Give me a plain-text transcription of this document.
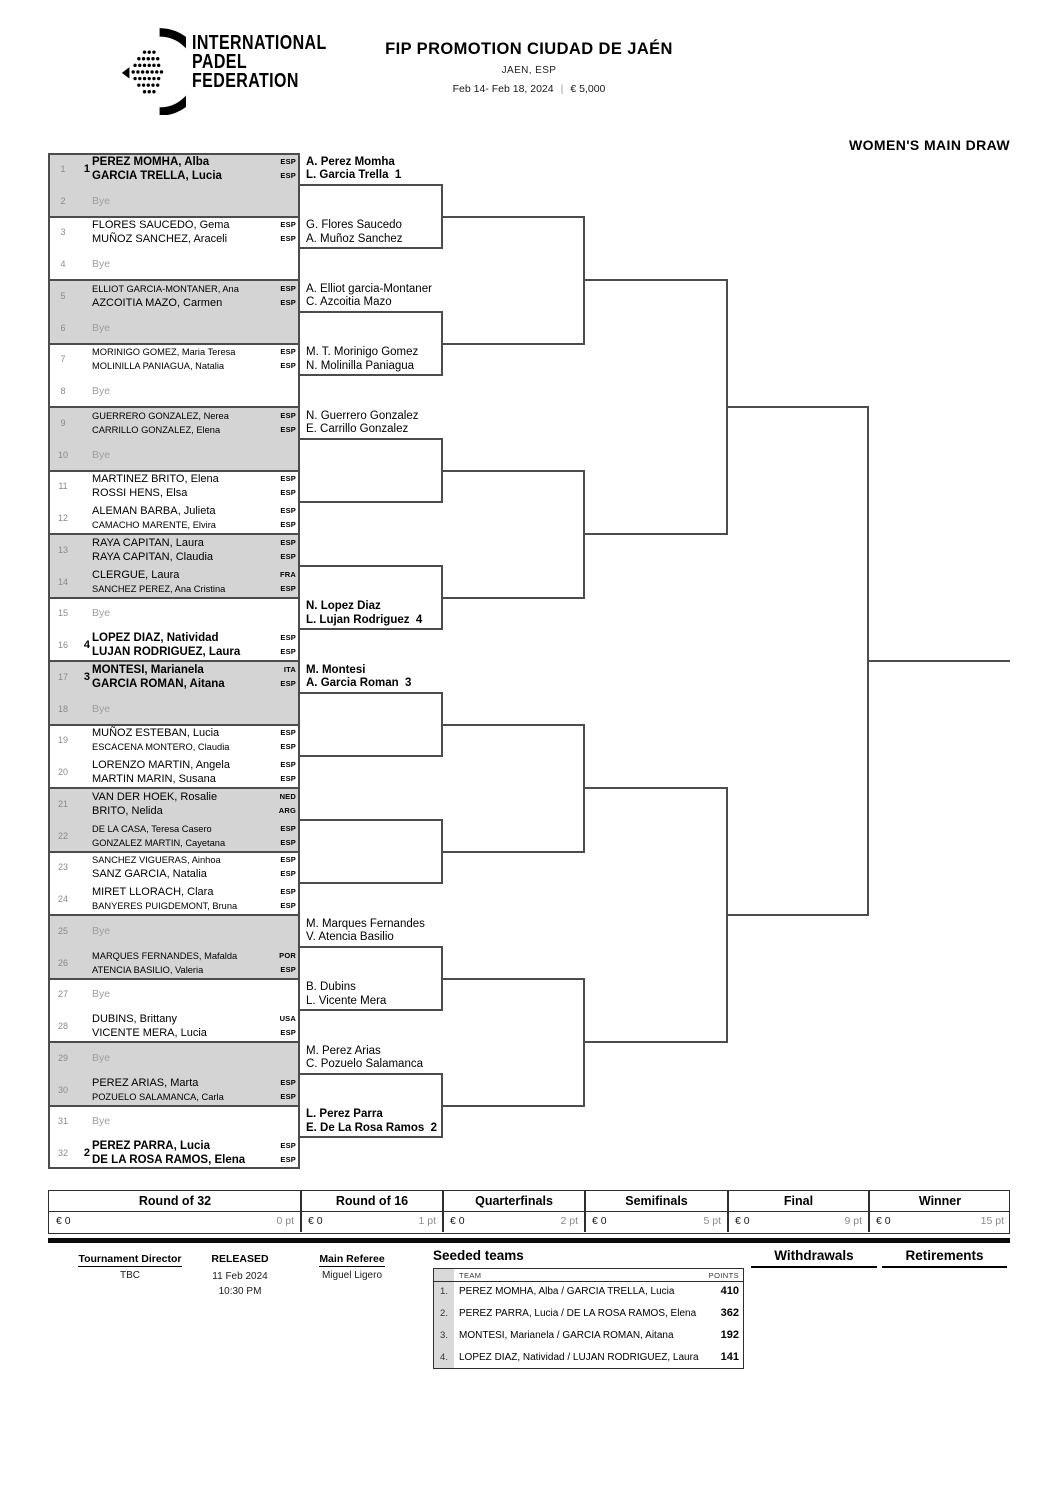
INTERNATIONAL
PADEL
FEDERATION
FIP PROMOTION CIUDAD DE JAÉN
JAEN, ESP
Feb 14- Feb 18, 2024 | € 5,000
WOMEN'S MAIN DRAW
1	1
PEREZ MOMHA, Alba	ESP
GARCIA TRELLA, Lucia	ESP
2	Bye
3
FLORES SAUCEDO, Gema	ESP
MUÑOZ SANCHEZ, Araceli	ESP
4	Bye
5
ELLIOT GARCIA-MONTANER, Ana	ESP
AZCOITIA MAZO, Carmen	ESP
6	Bye
7
MORINIGO GOMEZ, Maria Teresa	ESP
MOLINILLA PANIAGUA, Natalia	ESP
8	Bye
9
GUERRERO GONZALEZ, Nerea	ESP
CARRILLO GONZALEZ, Elena	ESP
10	Bye
11
MARTINEZ BRITO, Elena	ESP
ROSSI HENS, Elsa	ESP
12
ALEMAN BARBA, Julieta	ESP
CAMACHO MARENTE, Elvira	ESP
13
RAYA CAPITAN, Laura	ESP
RAYA CAPITAN, Claudia	ESP
14
CLERGUE, Laura	FRA
SANCHEZ PEREZ, Ana Cristina	ESP
15	Bye
16	4
LOPEZ DIAZ, Natividad	ESP
LUJAN RODRIGUEZ, Laura	ESP
17	3
MONTESI, Marianela	ITA
GARCIA ROMAN, Aitana	ESP
18	Bye
19
MUÑOZ ESTEBAN, Lucia	ESP
ESCACENA MONTERO, Claudia	ESP
20
LORENZO MARTIN, Angela	ESP
MARTIN MARIN, Susana	ESP
21
VAN DER HOEK, Rosalie	NED
BRITO, Nelida	ARG
22
DE LA CASA, Teresa Casero	ESP
GONZALEZ MARTIN, Cayetana	ESP
23
SANCHEZ VIGUERAS, Ainhoa	ESP
SANZ GARCIA, Natalia	ESP
24
MIRET LLORACH, Clara	ESP
BANYERES PUIGDEMONT, Bruna	ESP
25	Bye
26
MARQUES FERNANDES, Mafalda	POR
ATENCIA BASILIO, Valeria	ESP
27	Bye
28
DUBINS, Brittany	USA
VICENTE MERA, Lucia	ESP
29	Bye
30
PEREZ ARIAS, Marta	ESP
POZUELO SALAMANCA, Carla	ESP
31	Bye
32	2
PEREZ PARRA, Lucia	ESP
DE LA ROSA RAMOS, Elena	ESP
A. Perez Momha
L. Garcia Trella  1
G. Flores Saucedo
A. Muñoz Sanchez
A. Elliot garcia-Montaner
C. Azcoitia Mazo
M. T. Morinigo Gomez
N. Molinilla Paniagua
N. Guerrero Gonzalez
E. Carrillo Gonzalez
N. Lopez Diaz
L. Lujan Rodriguez  4
M. Montesi
A. Garcia Roman  3
M. Marques Fernandes
V. Atencia Basilio
B. Dubins
L. Vicente Mera
M. Perez Arias
C. Pozuelo Salamanca
L. Perez Parra
E. De La Rosa Ramos  2
Round of 32
€ 0	0 pt
Round of 16
€ 0	1 pt
Quarterfinals
€ 0	2 pt
Semifinals
€ 0	5 pt
Final
€ 0	9 pt
Winner
€ 0	15 pt
Tournament Director
TBC
RELEASED
11 Feb 2024
10:30 PM
Main Referee
Miguel Ligero
Seeded teams
TEAM	POINTS
1.	PEREZ MOMHA, Alba / GARCIA TRELLA, Lucia	410
2.	PEREZ PARRA, Lucia / DE LA ROSA RAMOS, Elena 362
3.	MONTESI, Marianela / GARCIA ROMAN, Aitana	192
4.	LOPEZ DIAZ, Natividad / LUJAN RODRIGUEZ, Laura 141
Withdrawals	Retirements
